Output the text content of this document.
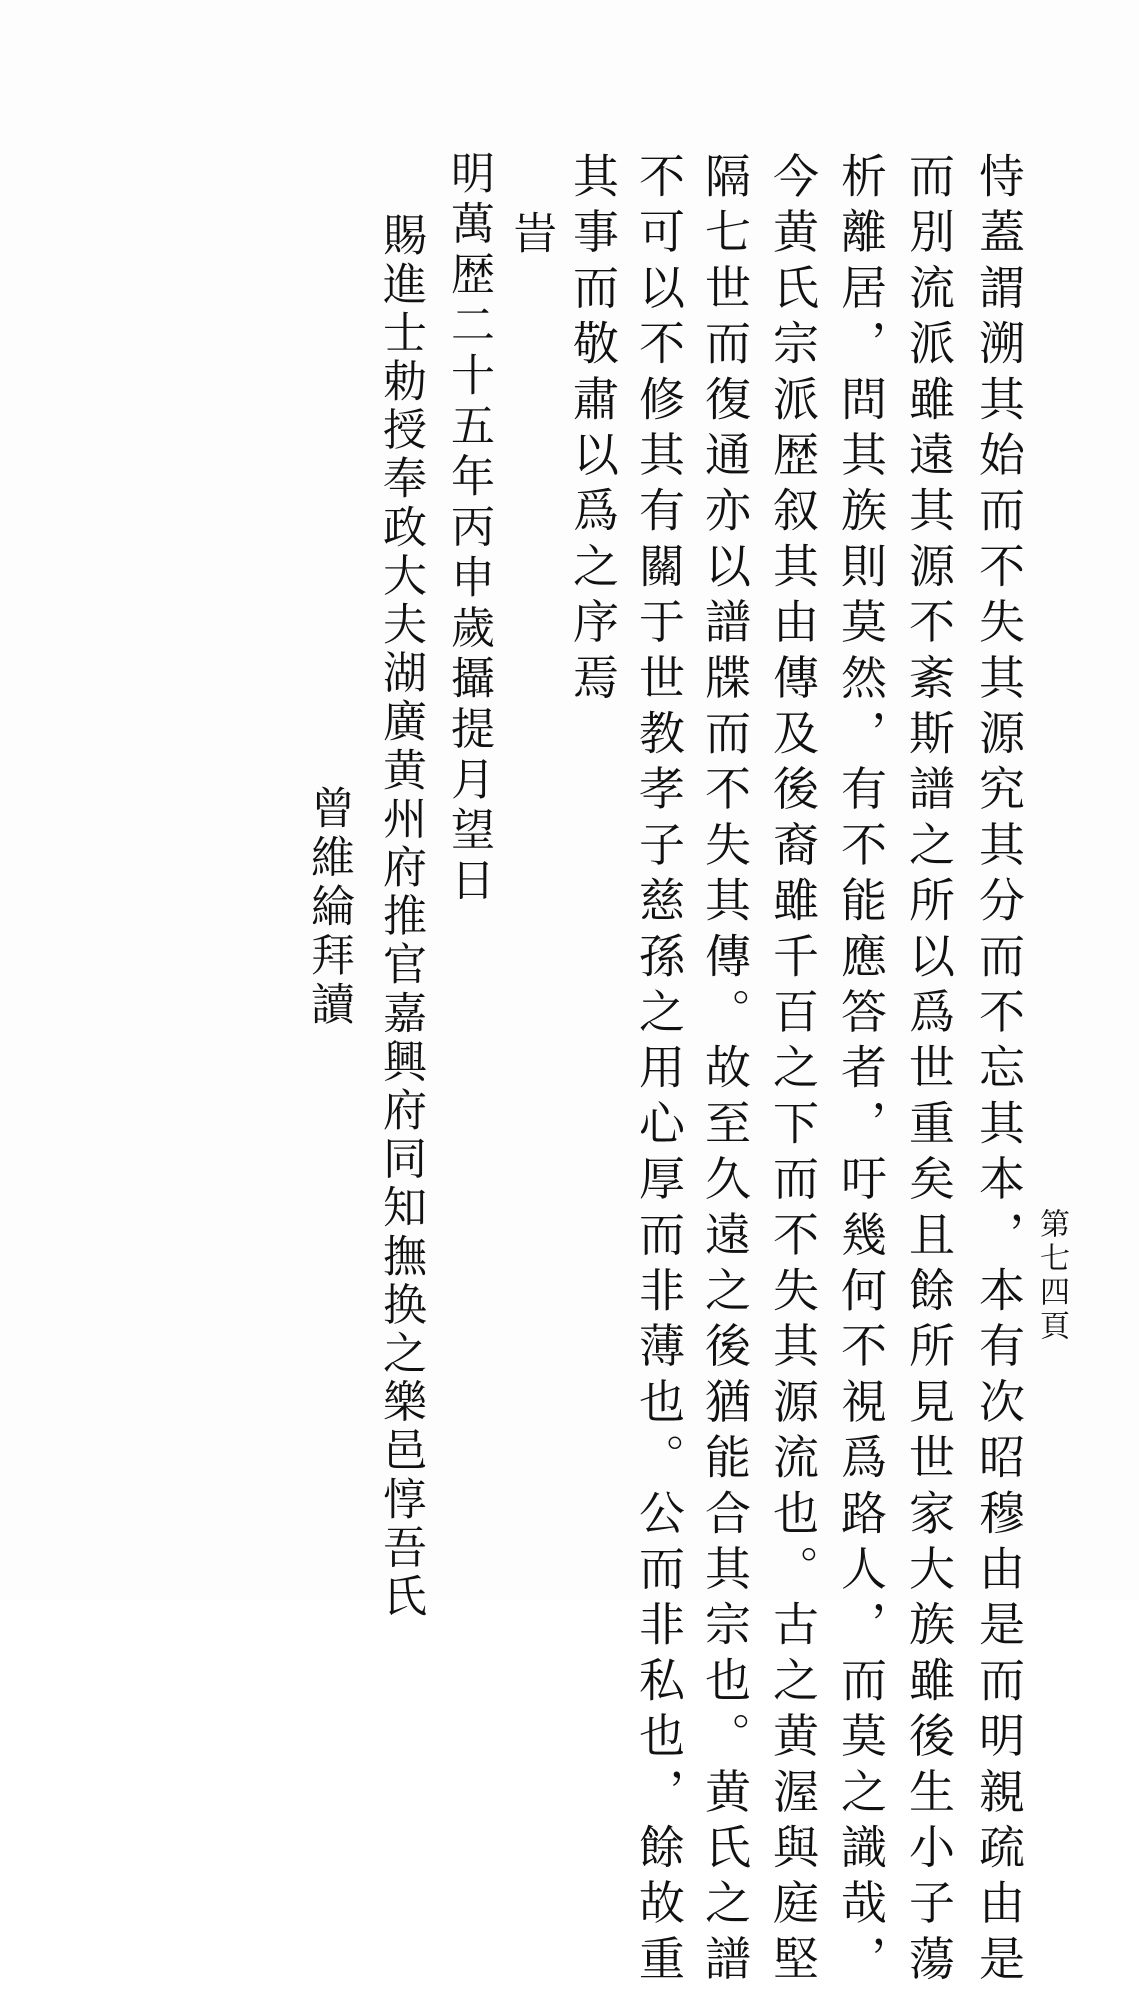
第七四頁
恃蓋謂溯其始而不失其源究其分而不忘其本，本有次昭穆由是而明親疏由是
而別流派雖遠其源不紊斯譜之所以爲世重矣且餘所見世家大族雖後生小子蕩
析離居，問其族則莫然，有不能應答者，吁幾何不視爲路人，而莫之識哉，
今黄氏宗派歴叙其由傳及後裔雖千百之下而不失其源流也。古之黄渥與庭堅
隔七世而復通亦以譜牒而不失其傳。故至久遠之後猶能合其宗也。黄氏之譜
不可以不修其有關于世教孝子慈孫之用心厚而非薄也。公而非私也，餘故重
其事而敬肅以爲之序焉
旹
明萬歴二十五年丙申歲攝提月望日
賜進士勅授奉政大夫湖廣黄州府推官嘉興府同知撫换之樂邑惇吾氏
曾維綸拜讀
